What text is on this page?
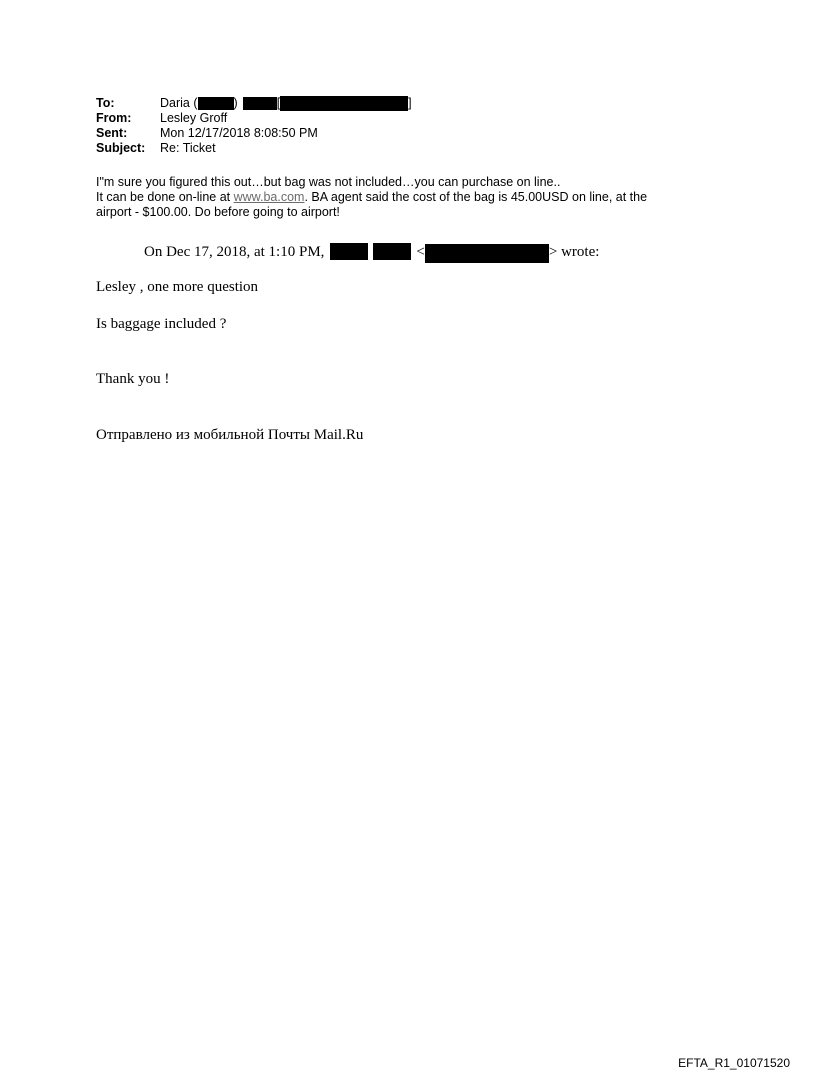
To:	Daria (	)	[	]
From:	Lesley Groff
Sent:	Mon 12/17/2018 8:08:50 PM
Subject:	Re: Ticket

I"m sure you figured this out…but bag was not included…you can purchase on line..

It can be done on-line at www.ba.com. BA agent said the cost of the bag is 45.00USD on line, at the

airport - $100.00. Do before going to airport!

On Dec 17, 2018, at 1:10 PM,	<	> wrote:
Lesley , one more question
Is baggage included ?
Thank you !
Отправлено из мобильной Почты Mail.Ru
EFTA_R1_01071520
